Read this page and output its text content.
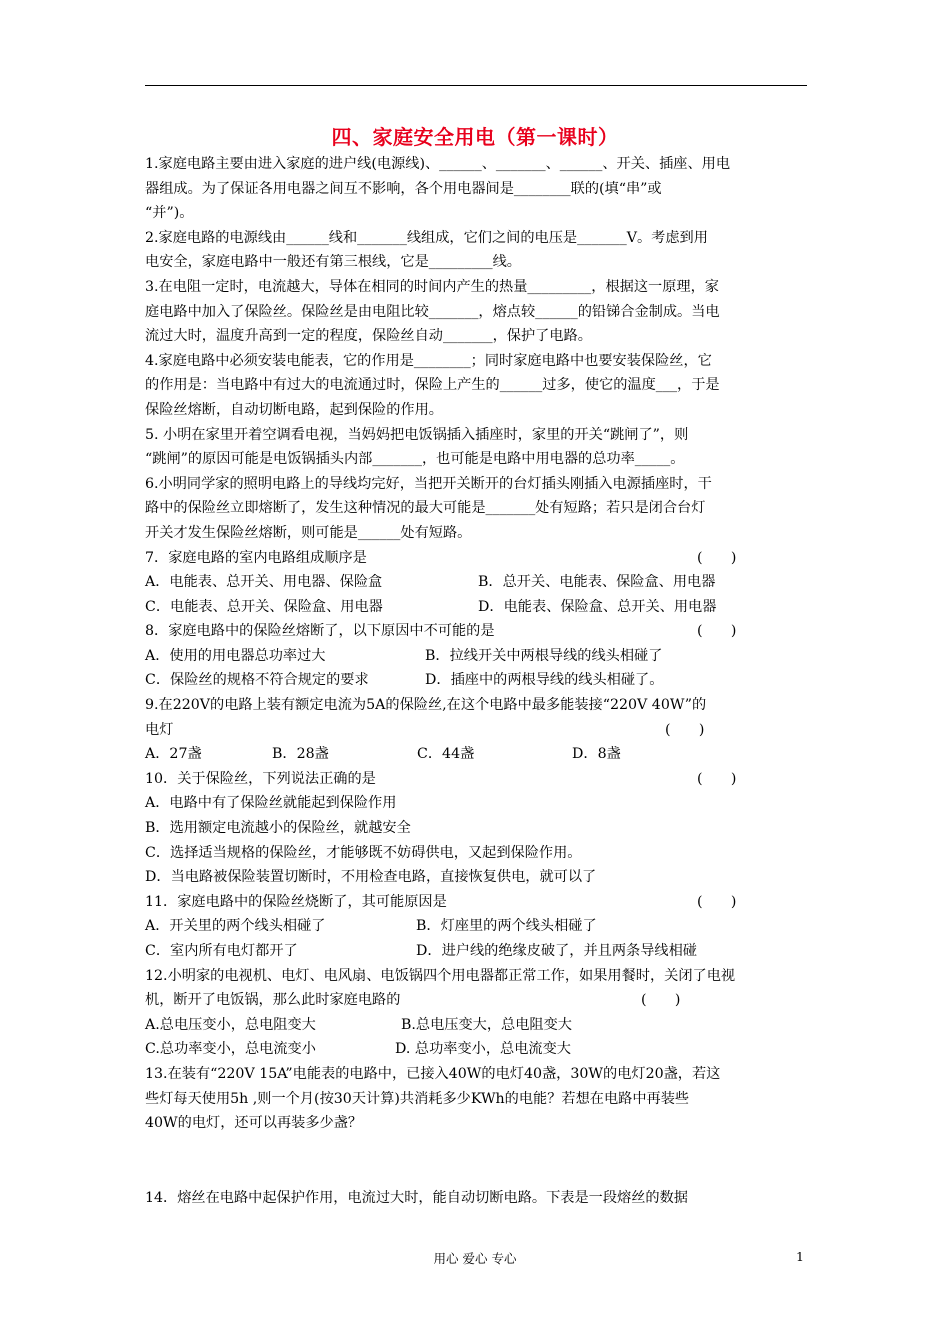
四、家庭安全用电（第一课时）
1.家庭电路主要由进入家庭的进户线(电源线)、______、_______、______、开关、插座、用电
器组成。为了保证各用电器之间互不影响，各个用电器间是________联的(填“串”或
“并”)。
2.家庭电路的电源线由______线和_______线组成，它们之间的电压是_______V。考虑到用
电安全，家庭电路中一般还有第三根线，它是_________线。
3.在电阻一定时，电流越大，导体在相同的时间内产生的热量_________，根据这一原理，家
庭电路中加入了保险丝。保险丝是由电阻比较_______，熔点较______的铅锑合金制成。当电
流过大时，温度升高到一定的程度，保险丝自动_______，保护了电路。
4.家庭电路中必须安装电能表，它的作用是________；同时家庭电路中也要安装保险丝，它
的作用是：当电路中有过大的电流通过时，保险上产生的______过多，使它的温度___，于是
保险丝熔断，自动切断电路，起到保险的作用。
5. 小明在家里开着空调看电视，当妈妈把电饭锅插入插座时，家里的开关“跳闸了”，则
“跳闸”的原因可能是电饭锅插头内部_______，也可能是电路中用电器的总功率_____。
6.小明同学家的照明电路上的导线均完好，当把开关断开的台灯插头刚插入电源插座时，干
路中的保险丝立即熔断了，发生这种情况的最大可能是_______处有短路；若只是闭合台灯
开关才发生保险丝熔断，则可能是______处有短路。
7．家庭电路的室内电路组成顺序是	(　　)
A．电能表、总开关、用电器、保险盒	B．总开关、电能表、保险盒、用电器
C．电能表、总开关、保险盒、用电器	D．电能表、保险盒、总开关、用电器
8．家庭电路中的保险丝熔断了，以下原因中不可能的是	(　　)
A．使用的用电器总功率过大	B．拉线开关中两根导线的线头相碰了
C．保险丝的规格不符合规定的要求	D．插座中的两根导线的线头相碰了。
9.在220V的电路上装有额定电流为5A的保险丝,在这个电路中最多能装接“220V 40W”的
电灯	(　　)
A．27盏	B．28盏	C．44盏	D．8盏
10．关于保险丝，下列说法正确的是	(　　)
A．电路中有了保险丝就能起到保险作用
B．选用额定电流越小的保险丝，就越安全
C．选择适当规格的保险丝，才能够既不妨碍供电，又起到保险作用。
D．当电路被保险装置切断时，不用检查电路，直接恢复供电，就可以了
11．家庭电路中的保险丝烧断了，其可能原因是	(　　)
A．开关里的两个线头相碰了	B．灯座里的两个线头相碰了
C．室内所有电灯都开了	D．进户线的绝缘皮破了，并且两条导线相碰
12.小明家的电视机、电灯、电风扇、电饭锅四个用电器都正常工作，如果用餐时，关闭了电视
机，断开了电饭锅，那么此时家庭电路的	(　　)
A.总电压变小，总电阻变大	B.总电压变大，总电阻变大
C.总功率变小，总电流变小	D. 总功率变小，总电流变大
13.在装有“220V 15A”电能表的电路中，已接入40W的电灯40盏，30W的电灯20盏，若这
些灯每天使用5h ,则一个月(按30天计算)共消耗多少KWh的电能？若想在电路中再装些
40W的电灯，还可以再装多少盏？
14．熔丝在电路中起保护作用，电流过大时，能自动切断电路。下表是一段熔丝的数据
用心 爱心 专心	1
